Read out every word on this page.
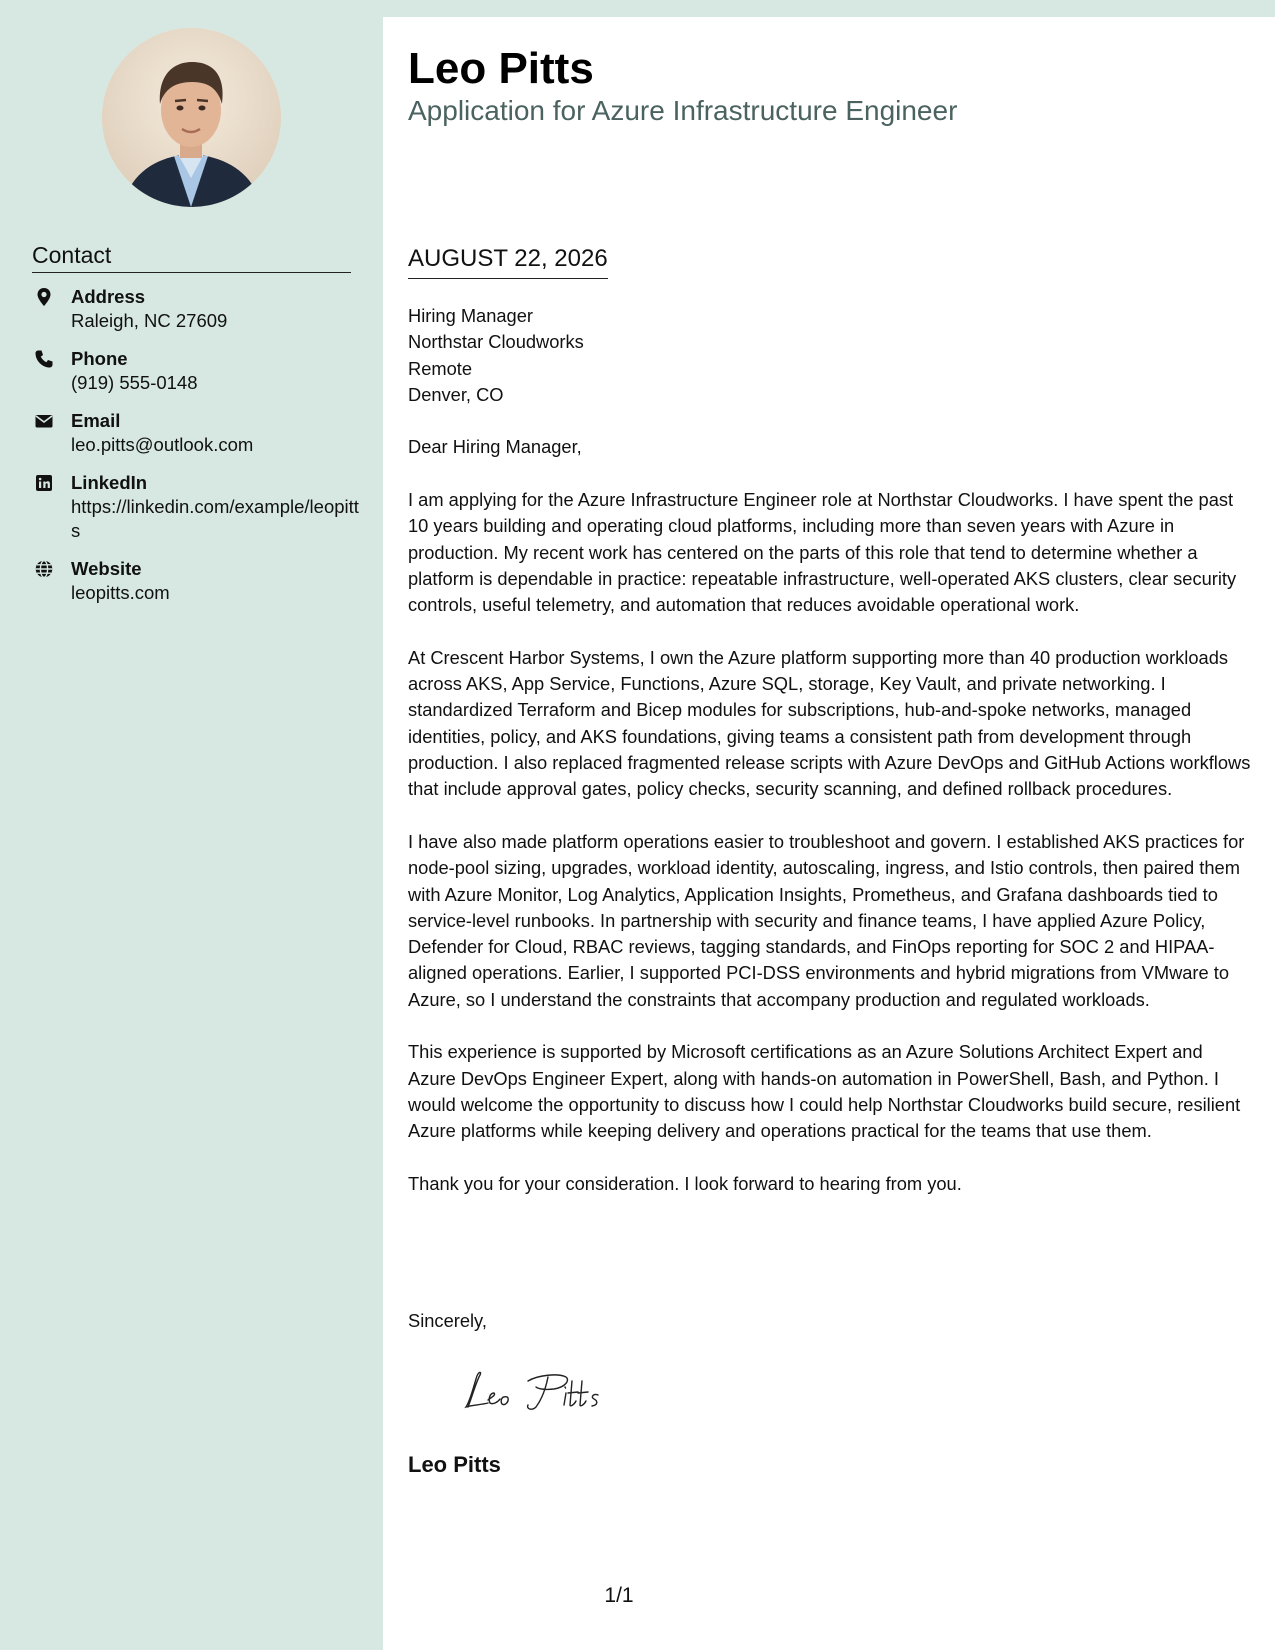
Contact
Address
Raleigh, NC 27609
Phone
(919) 555-0148
Email
leo.pitts@outlook.com
LinkedIn
https://linkedin.com/example/leopitts
Website
leopitts.com
Leo Pitts
Application for Azure Infrastructure Engineer
AUGUST 22, 2026

Hiring Manager
Northstar Cloudworks
Remote
Denver, CO

Dear Hiring Manager,

I am applying for the Azure Infrastructure Engineer role at Northstar Cloudworks. I have spent the past 10 years building and operating cloud platforms, including more than seven years with Azure in production. My recent work has centered on the parts of this role that tend to determine whether a platform is dependable in practice: repeatable infrastructure, well-operated AKS clusters, clear security controls, useful telemetry, and automation that reduces avoidable operational work.

At Crescent Harbor Systems, I own the Azure platform supporting more than 40 production workloads across AKS, App Service, Functions, Azure SQL, storage, Key Vault, and private networking. I standardized Terraform and Bicep modules for subscriptions, hub-and-spoke networks, managed identities, policy, and AKS foundations, giving teams a consistent path from development through production. I also replaced fragmented release scripts with Azure DevOps and GitHub Actions workflows that include approval gates, policy checks, security scanning, and defined rollback procedures.

I have also made platform operations easier to troubleshoot and govern. I established AKS practices for node-pool sizing, upgrades, workload identity, autoscaling, ingress, and Istio controls, then paired them with Azure Monitor, Log Analytics, Application Insights, Prometheus, and Grafana dashboards tied to service-level runbooks. In partnership with security and finance teams, I have applied Azure Policy, Defender for Cloud, RBAC reviews, tagging standards, and FinOps reporting for SOC 2 and HIPAA-aligned operations. Earlier, I supported PCI-DSS environments and hybrid migrations from VMware to Azure, so I understand the constraints that accompany production and regulated workloads.

This experience is supported by Microsoft certifications as an Azure Solutions Architect Expert and Azure DevOps Engineer Expert, along with hands-on automation in PowerShell, Bash, and Python. I would welcome the opportunity to discuss how I could help Northstar Cloudworks build secure, resilient Azure platforms while keeping delivery and operations practical for the teams that use them.

Thank you for your consideration. I look forward to hearing from you.

Sincerely,
Leo Pitts
1/1
